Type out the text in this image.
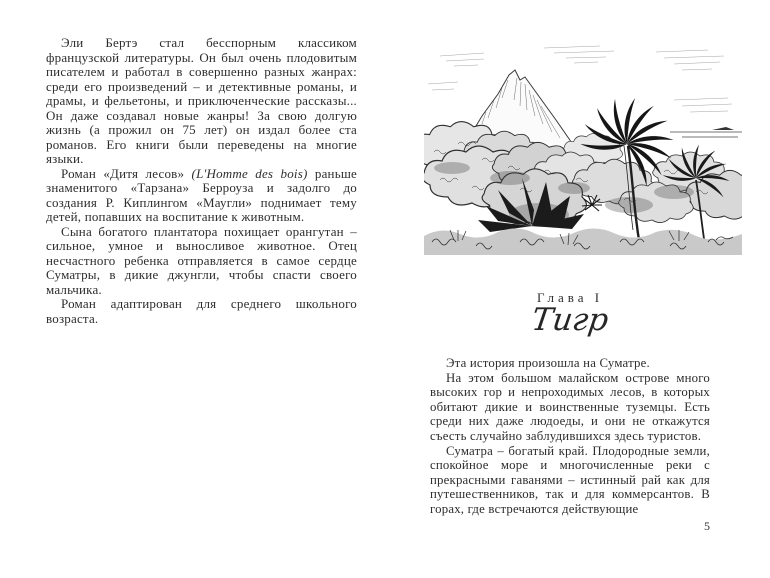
Эли Бертэ стал бесспорным классиком французской литературы. Он был очень плодовитым писателем и работал в совершенно разных жанрах: среди его произведений – и детективные романы, и драмы, и фельетоны, и приключенческие рассказы... Он даже создавал новые жанры! За свою долгую жизнь (а прожил он 75 лет) он издал более ста романов. Его книги были переведены на многие языки.

Роман «Дитя лесов» (L'Homme des bois) раньше знаменитого «Тарзана» Берроуза и задолго до создания Р. Киплингом «Маугли» поднимает тему детей, попавших на воспитание к животным.

Сына богатого плантатора похищает орангутан – сильное, умное и выносливое животное. Отец несчастного ребенка отправляется в самое сердце Суматры, в дикие джунгли, чтобы спасти своего мальчика.

Роман адаптирован для среднего школьного возраста.

Глава I
Тигр

Эта история произошла на Суматре.

На этом большом малайском острове много высоких гор и непроходимых лесов, в которых обитают дикие и воинственные туземцы. Есть среди них даже людоеды, и они не откажутся съесть случайно заблудившихся здесь туристов.

Суматра – богатый край. Плодородные земли, спокойное море и многочисленные реки с прекрасными гаванями – истинный рай как для путешественников, так и для коммерсантов. В горах, где встречаются действующие

5
